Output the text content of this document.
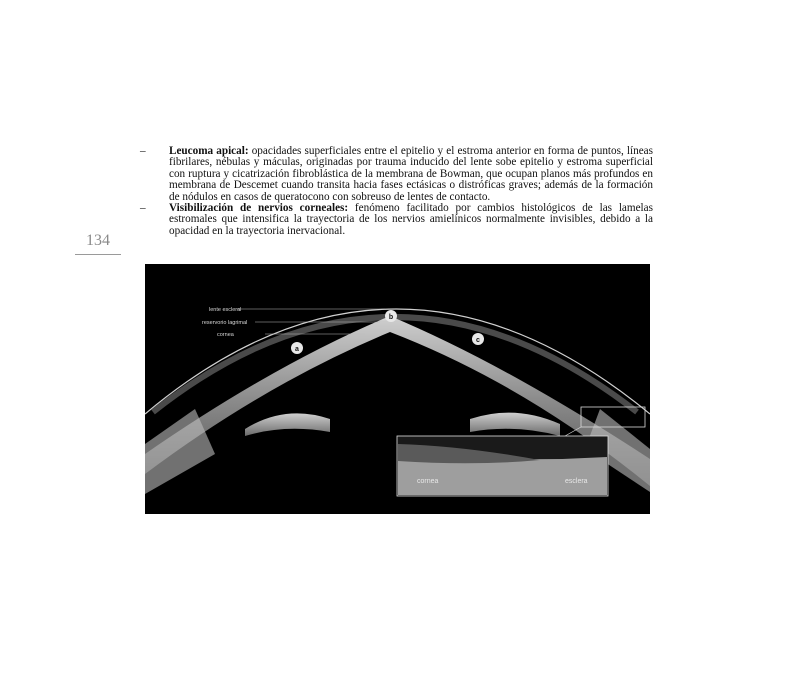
134
– Leucoma apical: opacidades superficiales entre el epitelio y el estroma anterior en forma de puntos, líneas fibrilares, nébulas y máculas, originadas por trauma inducido del lente sobe epitelio y estroma superficial con ruptura y cicatrización fibroblástica de la membrana de Bowman, que ocupan planos más profundos en membrana de Descemet cuando transita hacia fases ectásicas o distróficas graves; además de la formación de nódulos en casos de queratocono con sobreuso de lentes de contacto.
– Visibilización de nervios corneales: fenómeno facilitado por cambios histológicos de las lamelas estromales que intensifica la trayectoria de los nervios amielínicos normalmente invisibles, debido a la opacidad en la trayectoria inervacional.
lente escleral
reservorio lagrimal
cornea
a
b
c
cornea	esclera
